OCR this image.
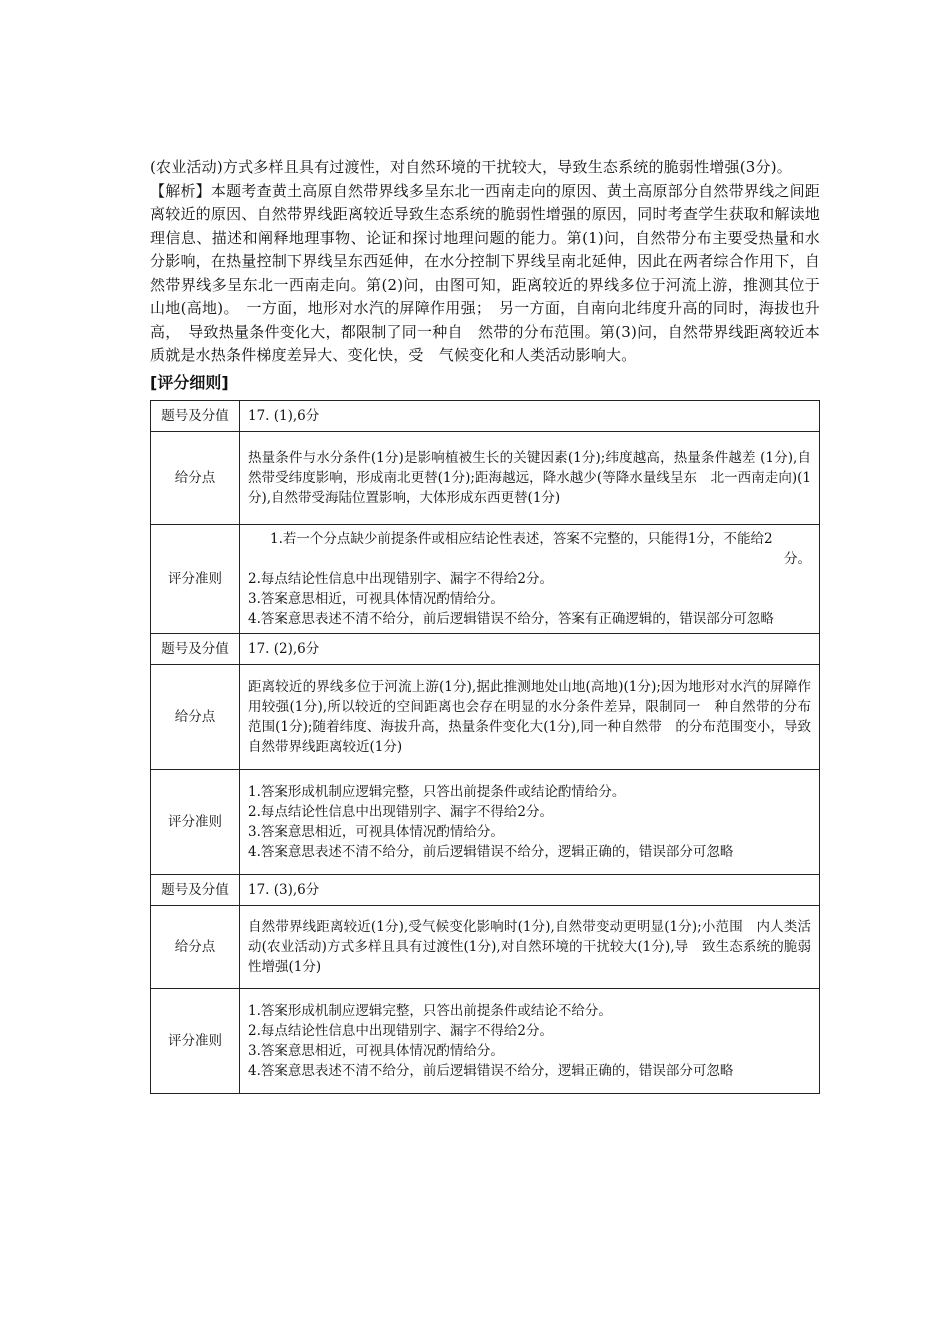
(农业活动)方式多样且具有过渡性，对自然环境的干扰较大，导致生态系统的脆弱性增强(3分)。

【解析】本题考查黄土高原自然带界线多呈东北一西南走向的原因、黄土高原部分自然带界线之间距离较近的原因、自然带界线距离较近导致生态系统的脆弱性增强的原因，同时考查学生获取和解读地理信息、描述和阐释地理事物、论证和探讨地理问题的能力。第(1)问，自然带分布主要受热量和水分影响，在热量控制下界线呈东西延伸，在水分控制下界线呈南北延伸，因此在两者综合作用下，自然带界线多呈东北一西南走向。第(2)问，由图可知，距离较近的界线多位于河流上游，推测其位于山地(高地)。　一方面，地形对水汽的屏障作用强；　另一方面，自南向北纬度升高的同时，海拔也升高，　导致热量条件变化大，都限制了同一种自　然带的分布范围。第(3)问，自然带界线距离较近本质就是水热条件梯度差异大、变化快，受　气候变化和人类活动影响大。

[评分细则]
题号及分值	17. (1),6分
给分点	热量条件与水分条件(1分)是影响植被生长的关键因素(1分);纬度越高，热量条件越差 (1分),自然带受纬度影响，形成南北更替(1分);距海越远，降水越少(等降水量线呈东　北一西南走向)(1分),自然带受海陆位置影响，大体形成东西更替(1分)
评分准则	1.若一个分点缺少前提条件或相应结论性表述，答案不完整的，只能得1分，不能给2
分。
2.每点结论性信息中出现错别字、漏字不得给2分。
3.答案意思相近，可视具体情况酌情给分。
4.答案意思表述不清不给分，前后逻辑错误不给分，答案有正确逻辑的，错误部分可忽略

题号及分值	17. (2),6分
给分点	距离较近的界线多位于河流上游(1分),据此推测地处山地(高地)(1分);因为地形对水汽的屏障作用较强(1分),所以较近的空间距离也会存在明显的水分条件差异，限制同一　种自然带的分布范围(1分);随着纬度、海拔升高，热量条件变化大(1分),同一种自然带　的分布范围变小，导致自然带界线距离较近(1分)
评分准则	1.答案形成机制应逻辑完整，只答出前提条件或结论酌情给分。
2.每点结论性信息中出现错别字、漏字不得给2分。
3.答案意思相近，可视具体情况酌情给分。
4.答案意思表述不清不给分，前后逻辑错误不给分，逻辑正确的，错误部分可忽略

题号及分值	17. (3),6分
给分点	自然带界线距离较近(1分),受气候变化影响时(1分),自然带变动更明显(1分);小范围　内人类活动(农业活动)方式多样且具有过渡性(1分),对自然环境的干扰较大(1分),导　致生态系统的脆弱性增强(1分)
评分准则	1.答案形成机制应逻辑完整，只答出前提条件或结论不给分。
2.每点结论性信息中出现错别字、漏字不得给2分。
3.答案意思相近，可视具体情况酌情给分。
4.答案意思表述不清不给分，前后逻辑错误不给分，逻辑正确的，错误部分可忽略
